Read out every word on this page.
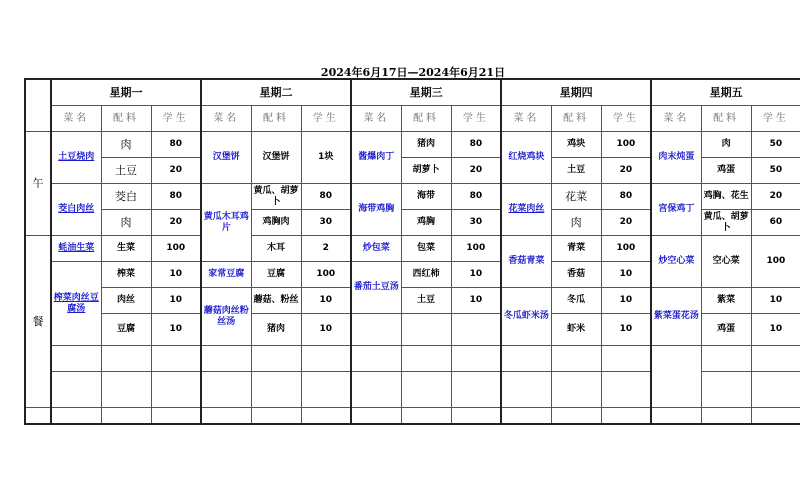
2024年6月17日—2024年6月21日
	星期一			星期二			星期三			星期四			星期五		
	菜名	配料	学生	菜名	配料	学生	菜名	配料	学生	菜名	配料	学生	菜名	配料	学生
午	土豆烧肉	肉	80	汉堡饼	汉堡饼	1块	酱爆肉丁	猪肉	80	红烧鸡块	鸡块	100	肉末炖蛋	肉	50
		土豆	20					胡萝卜	20		土豆	20		鸡蛋	50
	茭白肉丝	茭白	80	黄瓜木耳鸡片	黄瓜、胡萝卜	80	海带鸡胸	海带	80	花菜肉丝	花菜	80	宫保鸡丁	鸡胸、花生	20
		肉	20		鸡胸肉	30		鸡胸	30		肉	20		黄瓜、胡萝卜	60
餐	蚝油生菜	生菜	100		木耳	2	炒包菜	包菜	100	香菇青菜	青菜	100	炒空心菜	空心菜	100
	榨菜肉丝豆腐汤	榨菜	10	家常豆腐	豆腐	100	番茄土豆汤	西红柿	10		香菇	10			
		肉丝	10	蘑菇肉丝粉丝汤	蘑菇、粉丝	10		土豆	10	冬瓜虾米汤	冬瓜	10	紫菜蛋花汤	紫菜	10
		豆腐	10		猪肉	10					虾米	10		鸡蛋	10
